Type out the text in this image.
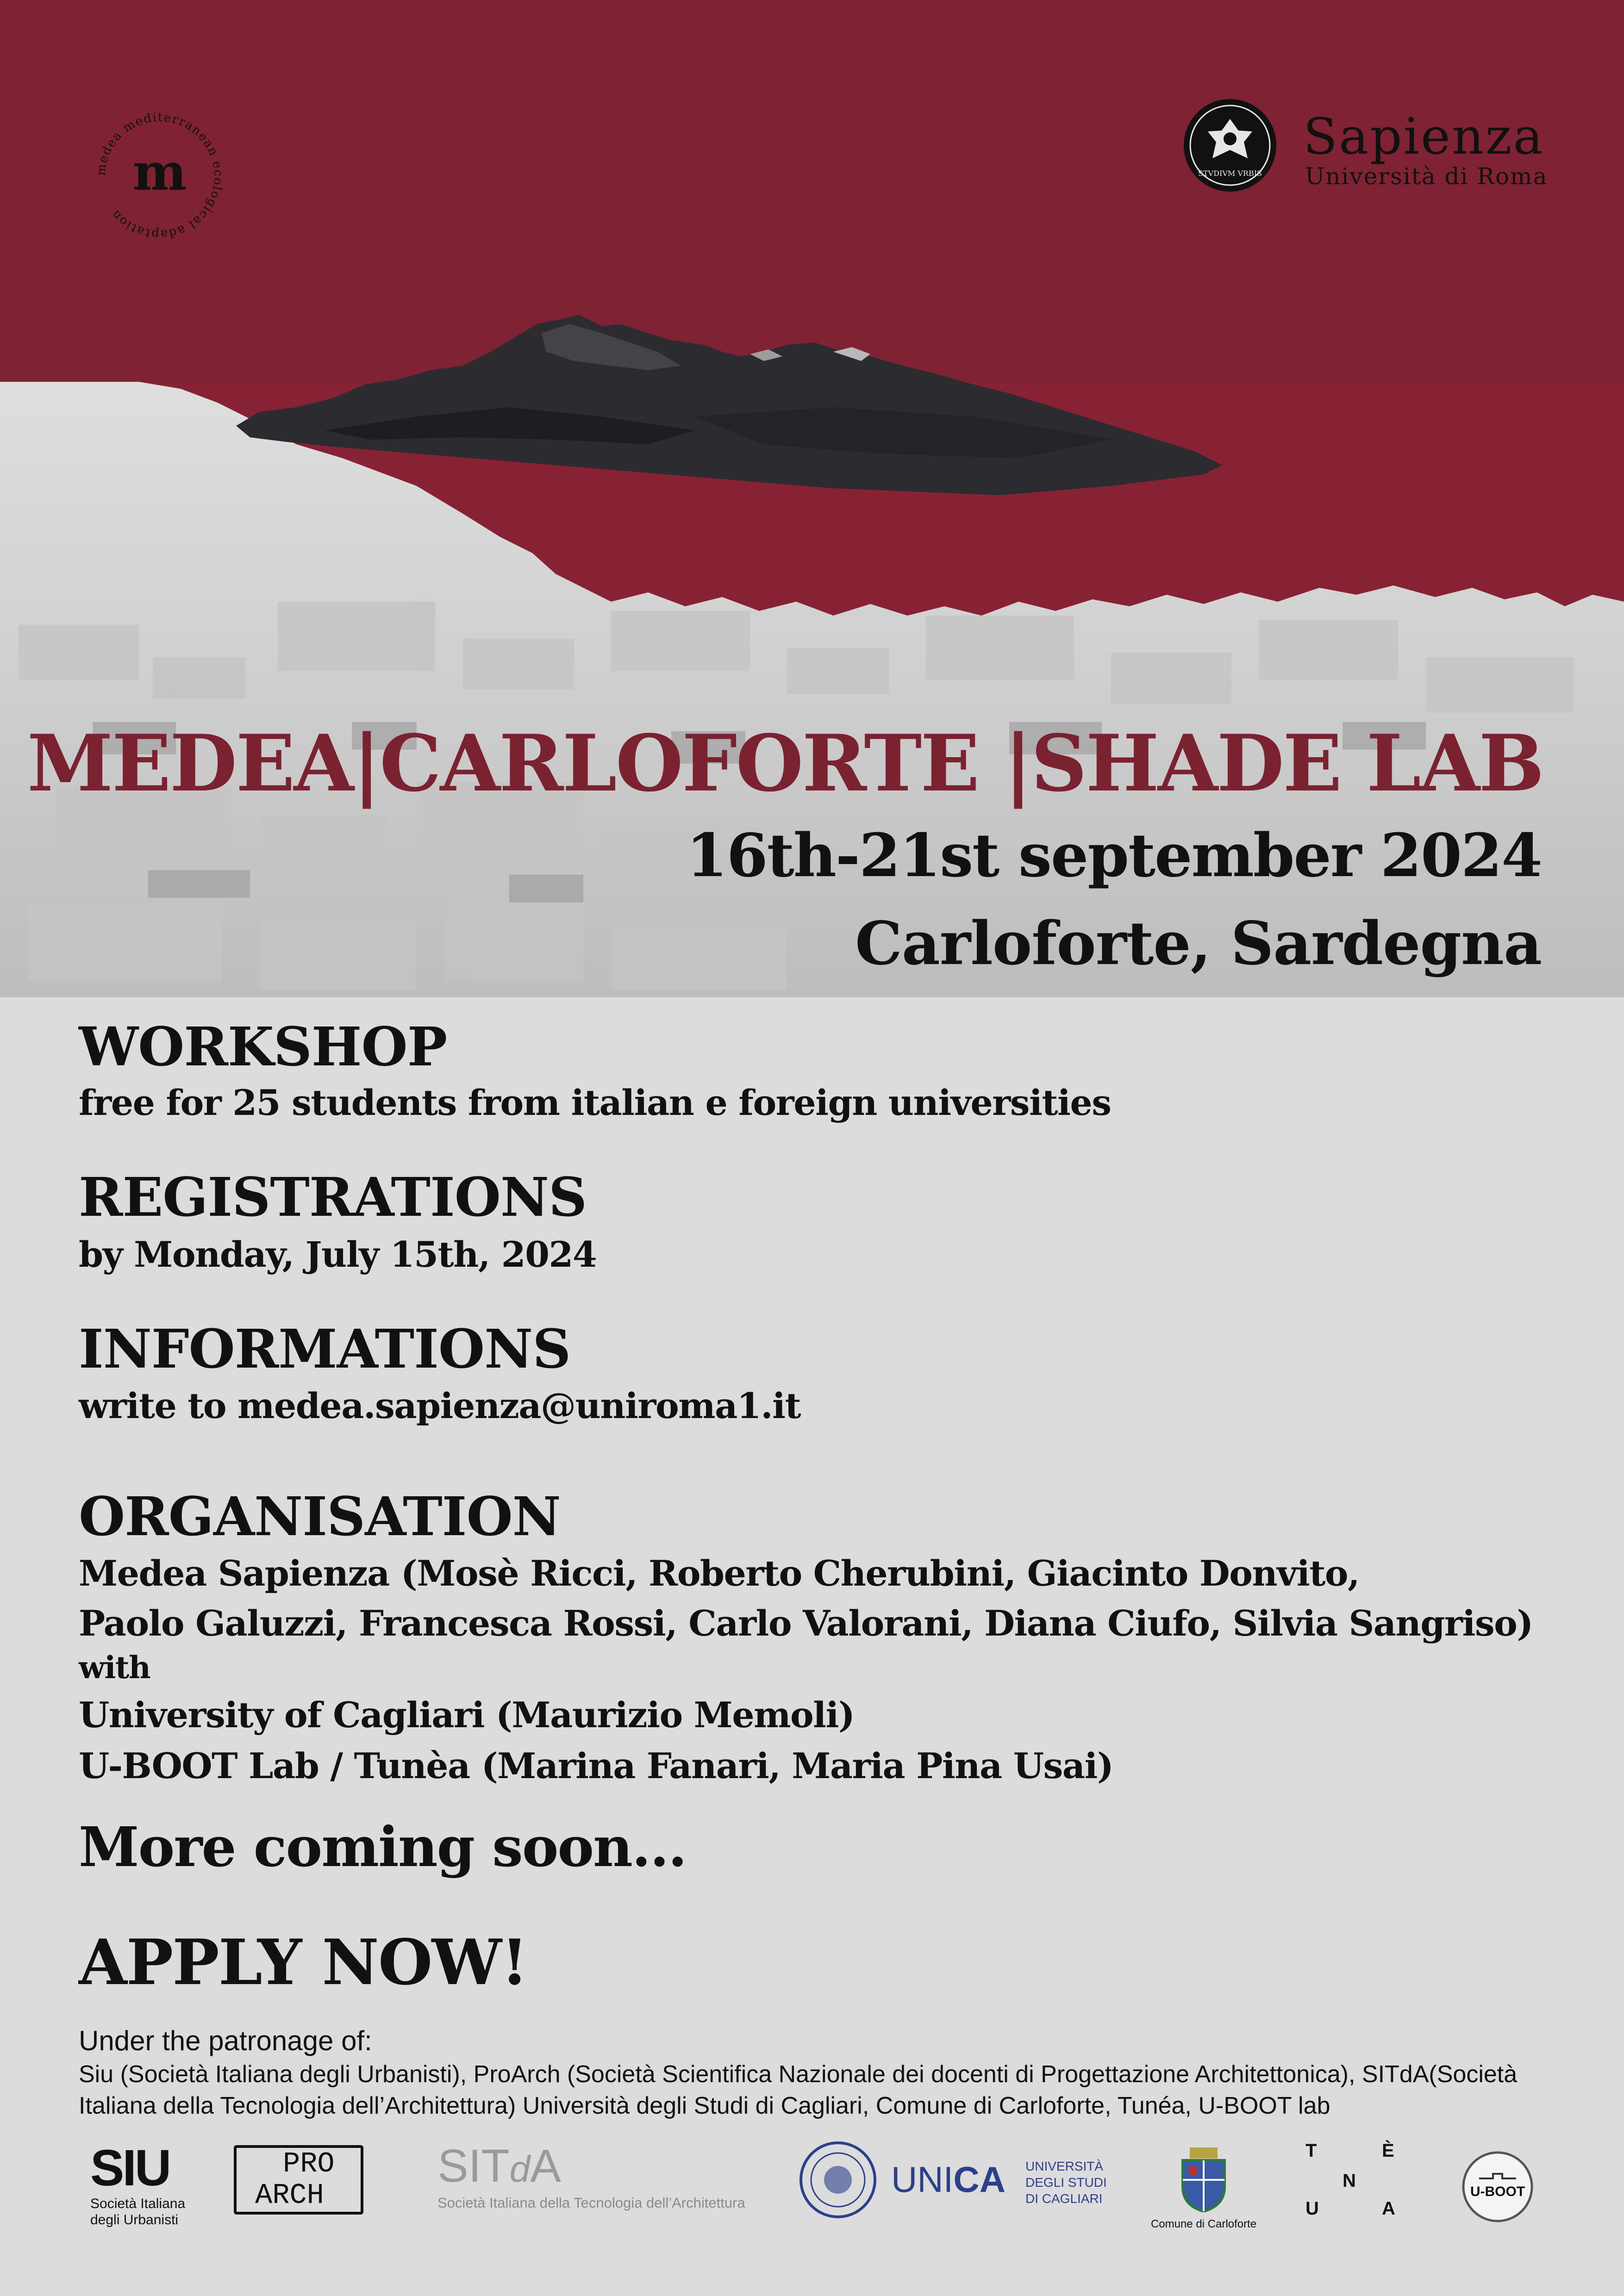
medea mediterranean ecological adaptation
m	STVDIVM VRBIS
Sapienza
Università di Roma
MEDEA|CARLOFORTE |SHADE LAB
16th-21st september 2024
Carloforte, Sardegna
WORKSHOP
free for 25 students from italian e foreign universities
REGISTRATIONS
by Monday, July 15th, 2024
INFORMATIONS
write to medea.sapienza@uniroma1.it
ORGANISATION
Medea Sapienza (Mosè Ricci, Roberto Cherubini, Giacinto Donvito,
Paolo Galuzzi, Francesca Rossi, Carlo Valorani, Diana Ciufo, Silvia Sangriso)
with
University of Cagliari (Maurizio Memoli)
U-BOOT Lab / Tunèa (Marina Fanari, Maria Pina Usai)
More coming soon...
APPLY NOW!
Under the patronage of:
Siu (Società Italiana degli Urbanisti), ProArch (Società Scientifica Nazionale dei docenti di Progettazione Architettonica), SITdA(Società Italiana della Tecnologia dell’Architettura) Università degli Studi di Cagliari, Comune di Carloforte, Tunéa, U-BOOT lab
SIU
Società Italiana
degli Urbanisti
PRO
ARCH
SITdA
Società Italiana della Tecnologia dell’Architettura
UNICA UNIVERSITÀ
DEGLI STUDI
DI CAGLIARI
Comune di Carloforte
T
U
N
È
A
U-BOOT
